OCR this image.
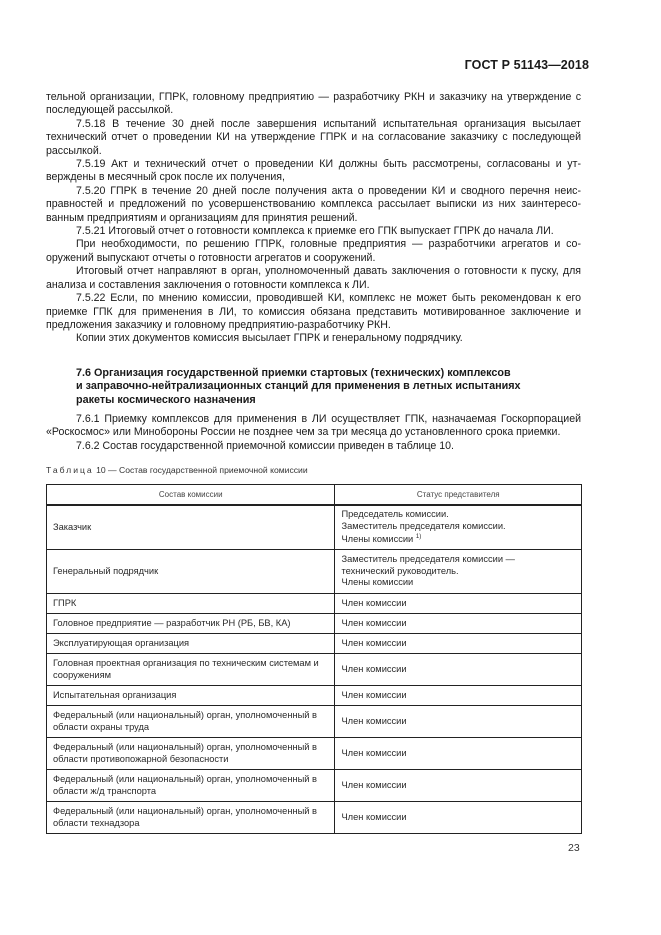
ГОСТ Р 51143—2018

тельной организации, ГПРК, головному предприятию — разработчику РКН и заказчику на утверждение с последующей рассылкой.

7.5.18 В течение 30 дней после завершения испытаний испытательная организация высылает технический отчет о проведении КИ на утверждение ГПРК и на согласование заказчику с последующей рассылкой.

7.5.19 Акт и технический отчет о проведении КИ должны быть рассмотрены, согласованы и утверждены в месячный срок после их получения,

7.5.20 ГПРК в течение 20 дней после получения акта о проведении КИ и сводного перечня неисправностей и предложений по усовершенствованию комплекса рассылает выписки из них заинтересованным предприятиям и организациям для принятия решений.

7.5.21 Итоговый отчет о готовности комплекса к приемке его ГПК выпускает ГПРК до начала ЛИ.

При необходимости, по решению ГПРК, головные предприятия — разработчики агрегатов и сооружений выпускают отчеты о готовности агрегатов и сооружений.

Итоговый отчет направляют в орган, уполномоченный давать заключения о готовности к пуску, для анализа и составления заключения о готовности комплекса к ЛИ.

7.5.22 Если, по мнению комиссии, проводившей КИ, комплекс не может быть рекомендован к его приемке ГПК для применения в ЛИ, то комиссия обязана представить мотивированное заключение и предложения заказчику и головному предприятию-разработчику РКН.

Копии этих документов комиссия высылает ГПРК и генеральному подрядчику.

7.6 Организация государственной приемки стартовых (технических) комплексов
и заправочно-нейтрализационных станций для применения в летных испытаниях
ракеты космического назначения

7.6.1 Приемку комплексов для применения в ЛИ осуществляет ГПК, назначаемая Госкорпорацией «Роскосмос» или Минобороны России не позднее чем за три месяца до установленного срока приемки.

7.6.2 Состав государственной приемочной комиссии приведен в таблице 10.

Таблица 10 — Состав государственной приемочной комиссии
Состав комиссии	Статус представителя
Заказчик	Председатель комиссии.
Заместитель председателя комиссии.
Члены комиссии $^{1)}$

Генеральный подрядчик	Заместитель председателя комиссии —
технический руководитель.
Члены комиссии

ГПРК	Член комиссии
Головное предприятие — разработчик РН (РБ, БВ, КА)	Член комиссии
Эксплуатирующая организация	Член комиссии
Головная проектная организация по техническим системам и сооружениям	Член комиссии
Испытательная организация	Член комиссии
Федеральный (или национальный) орган, уполномоченный в области охраны труда	Член комиссии
Федеральный (или национальный) орган, уполномоченный в области противопожарной безопасности	Член комиссии
Федеральный (или национальный) орган, уполномоченный в области ж/д транспорта	Член комиссии
Федеральный (или национальный) орган, уполномоченный в области технадзора	Член комиссии
23
